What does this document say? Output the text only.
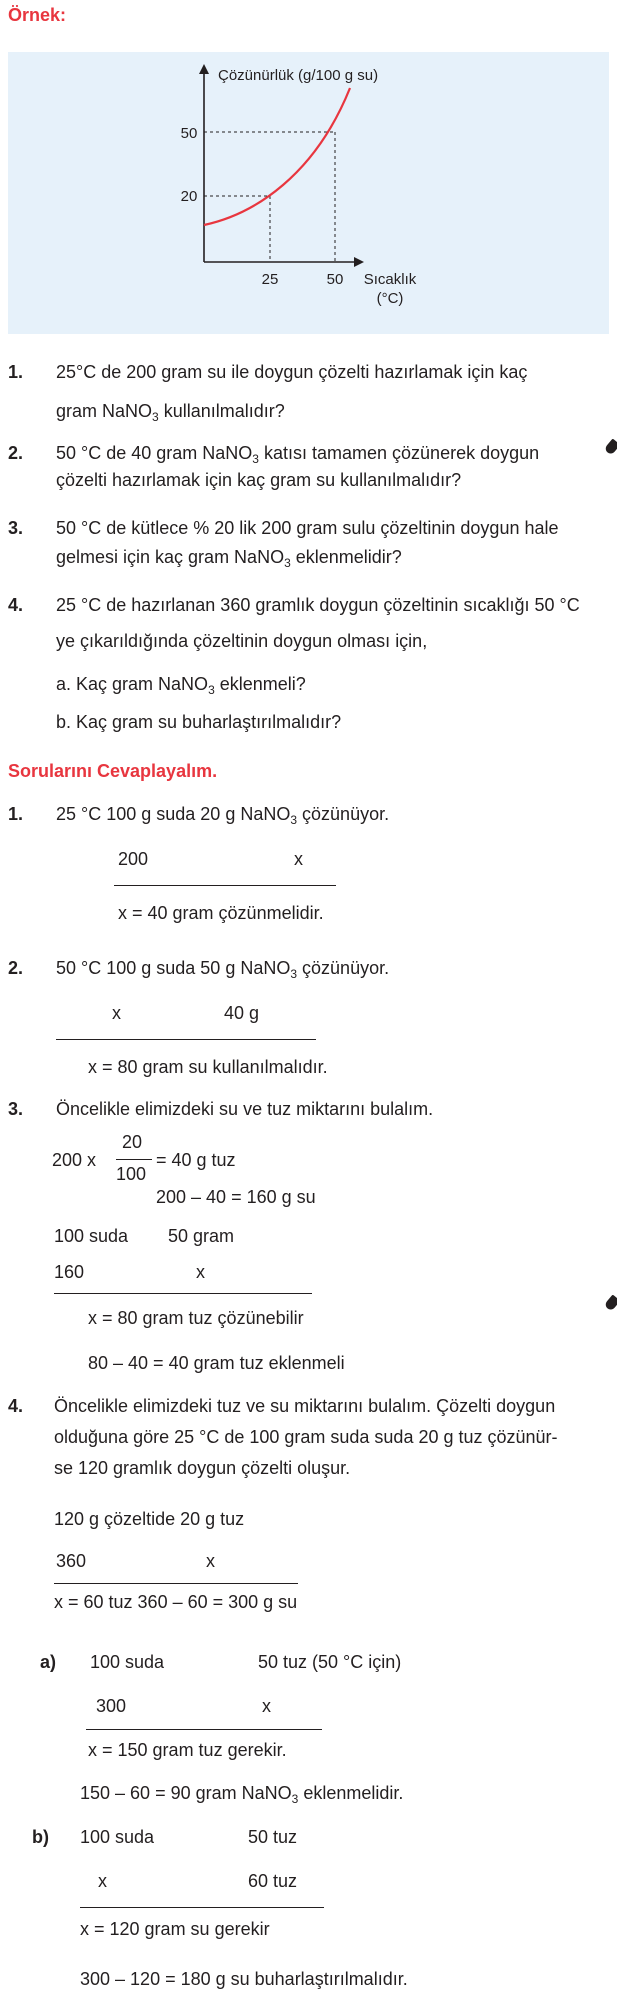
Örnek:
Çözünürlük (g/100 g su)
50
20
25	50 Sıcaklık
(°C)
1. 25°C de 200 gram su ile doygun çözelti hazırlamak için kaç
gram NaNO$_3$ kullanılmalıdır?
2. 50 °C de 40 gram NaNO$_3$ katısı tamamen çözünerek doygun
çözelti hazırlamak için kaç gram su kullanılmalıdır?
3. 50 °C de kütlece % 20 lik 200 gram sulu çözeltinin doygun hale
gelmesi için kaç gram NaNO$_3$ eklenmelidir?
4. 25 °C de hazırlanan 360 gramlık doygun çözeltinin sıcaklığı 50 °C
ye çıkarıldığında çözeltinin doygun olması için,
a. Kaç gram NaNO$_3$ eklenmeli?
b. Kaç gram su buharlaştırılmalıdır?
Sorularını Cevaplayalım.
1. 25 °C 100 g suda 20 g NaNO$_3$ çözünüyor.
200	x
x = 40 gram çözünmelidir.
2. 50 °C 100 g suda 50 g NaNO$_3$ çözünüyor.
x	40 g
x = 80 gram su kullanılmalıdır.
3. Öncelikle elimizdeki su ve tuz miktarını bulalım.
200 x
20
100
= 40 g tuz
200 – 40 = 160 g su
100 suda 50 gram
160	x
x = 80 gram tuz çözünebilir
80 – 40 = 40 gram tuz eklenmeli
4. Öncelikle elimizdeki tuz ve su miktarını bulalım. Çözelti doygun
olduğuna göre 25 °C de 100 gram suda suda 20 g tuz çözünür-
se 120 gramlık doygun çözelti oluşur.
120 g çözeltide 20 g tuz
360	x
x = 60 tuz 360 – 60 = 300 g su
a) 100 suda	50 tuz (50 °C için)
300	x
x = 150 gram tuz gerekir.
150 – 60 = 90 gram NaNO$_3$ eklenmelidir.
b) 100 suda	50 tuz
x	60 tuz
x = 120 gram su gerekir
300 – 120 = 180 g su buharlaştırılmalıdır.
